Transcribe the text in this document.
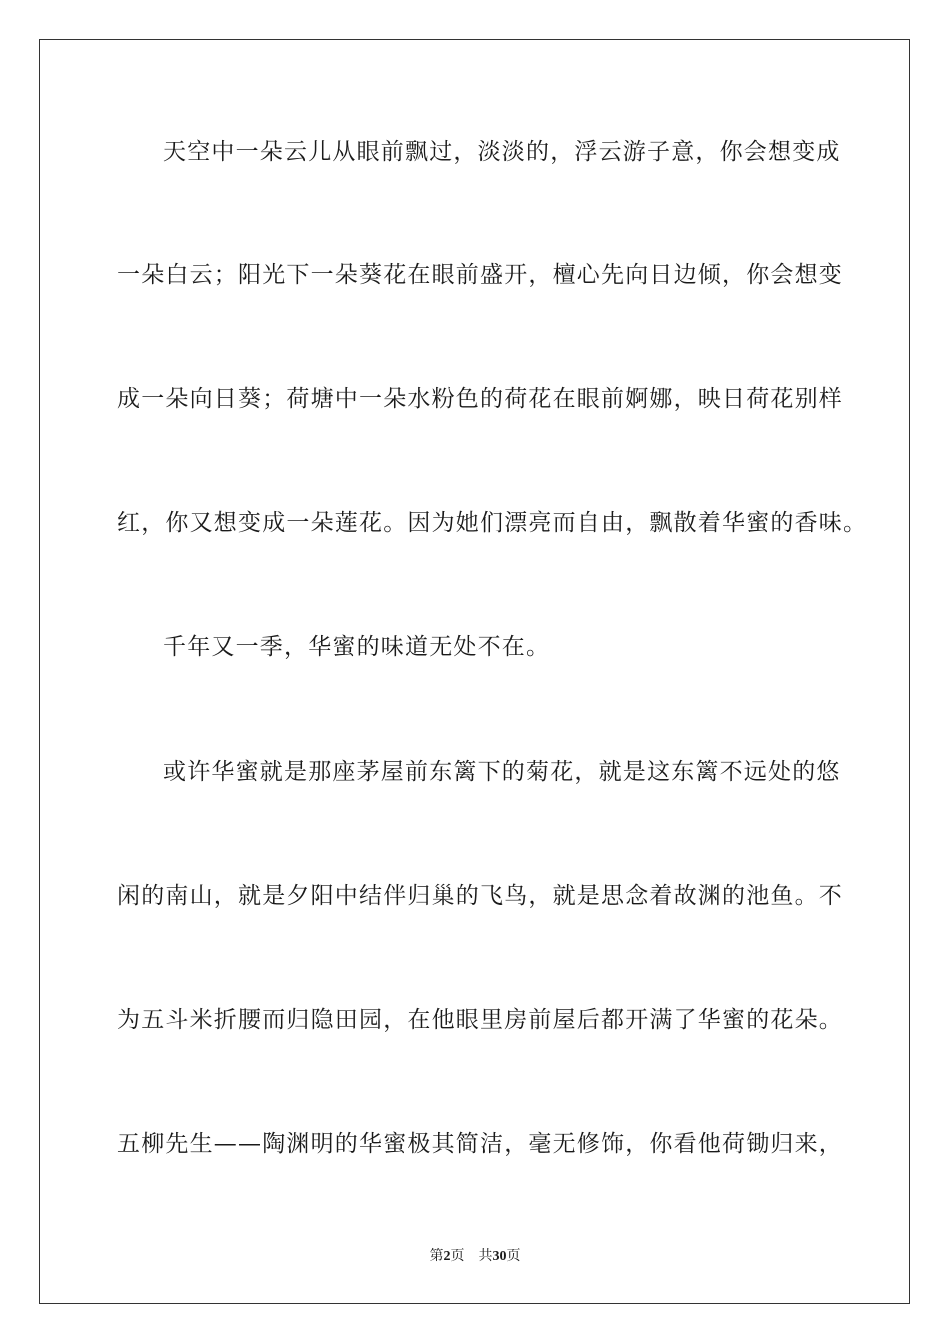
天空中一朵云儿从眼前飘过，淡淡的，浮云游子意，你会想变成
一朵白云；阳光下一朵葵花在眼前盛开，檀心先向日边倾，你会想变
成一朵向日葵；荷塘中一朵水粉色的荷花在眼前婀娜，映日荷花别样
红，你又想变成一朵莲花。因为她们漂亮而自由，飘散着华蜜的香味。
千年又一季，华蜜的味道无处不在。
或许华蜜就是那座茅屋前东篱下的菊花，就是这东篱不远处的悠
闲的南山，就是夕阳中结伴归巢的飞鸟，就是思念着故渊的池鱼。不
为五斗米折腰而归隐田园，在他眼里房前屋后都开满了华蜜的花朵。
五柳先生——陶渊明的华蜜极其简洁，毫无修饰，你看他荷锄归来，
第2页 共30页
